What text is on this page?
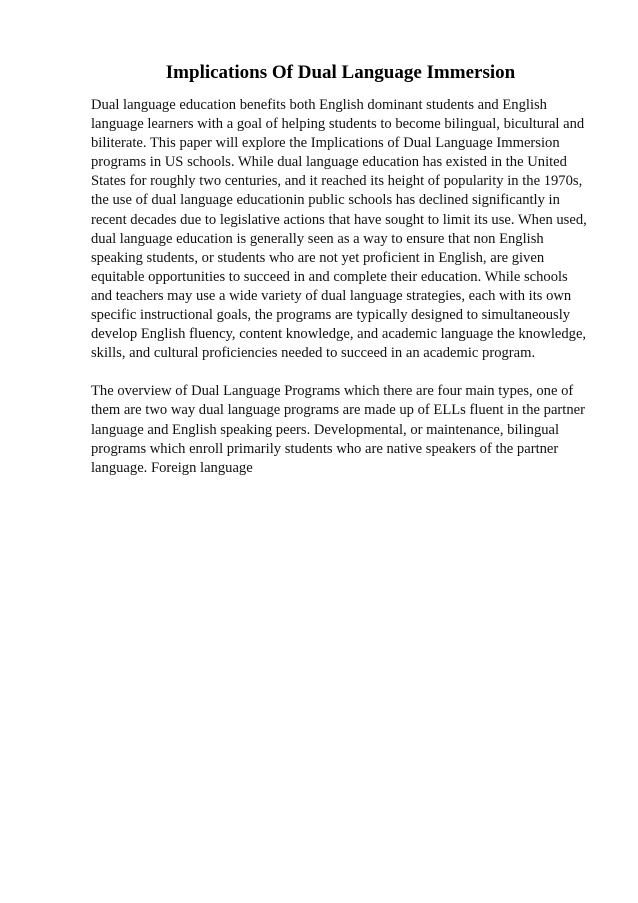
Implications Of Dual Language Immersion

Dual language education benefits both English dominant students and English
language learners with a goal of helping students to become bilingual, bicultural and
biliterate. This paper will explore the Implications of Dual Language Immersion
programs in US schools. While dual language education has existed in the United
States for roughly two centuries, and it reached its height of popularity in the 1970s,
the use of dual language educationin public schools has declined significantly in
recent decades due to legislative actions that have sought to limit its use. When used,
dual language education is generally seen as a way to ensure that non English
speaking students, or students who are not yet proficient in English, are given
equitable opportunities to succeed in and complete their education. While schools
and teachers may use a wide variety of dual language strategies, each with its own
specific instructional goals, the programs are typically designed to simultaneously
develop English fluency, content knowledge, and academic language the knowledge,
skills, and cultural proficiencies needed to succeed in an academic program.

The overview of Dual Language Programs which there are four main types, one of
them are two way dual language programs are made up of ELLs fluent in the partner
language and English speaking peers. Developmental, or maintenance, bilingual
programs which enroll primarily students who are native speakers of the partner
language. Foreign language
